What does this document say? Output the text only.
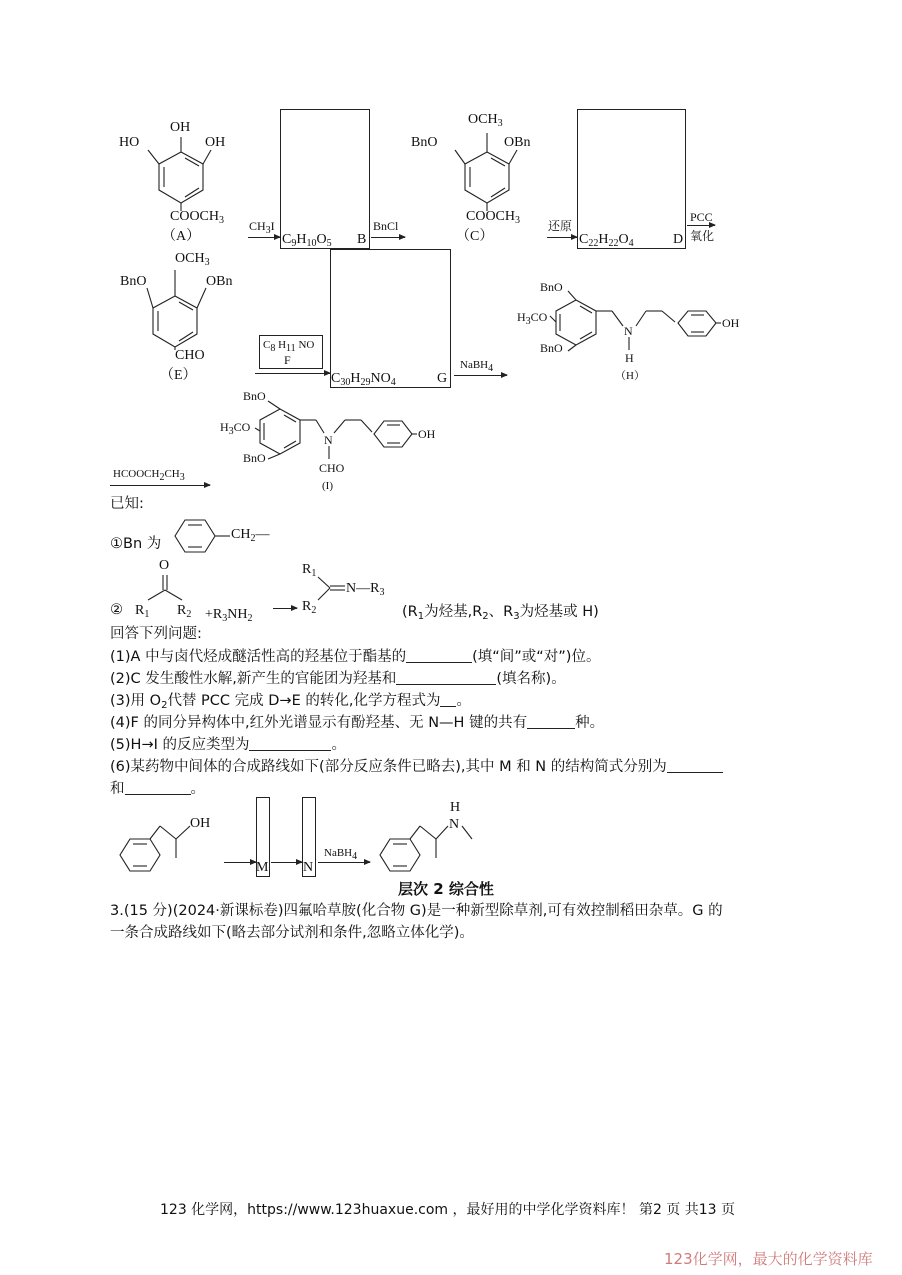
OH
HO	OH
$COOCH_3$
（A）
$CH_3I$
$C_9H_{10}O_5$ B
BnCl
$OCH_3$
BnO	OBn
$COOCH_3$
（C）
还原
$C_{22}H_{22}O_4$	D
PCC
氧化
$OCH_3$
BnO	OBn
CHO
（E）
$C_8$ $H_{11}$ NO
F
$C_{30}H_{29}NO_4$	G
NaBH$_4$
BnO
$H_3CO$
BnO
N
H
OH
（H）
BnO
$H_3CO$
BnO
N
CHO
OH
(I)
$HCOOCH_2CH_3$
已知:
①Bn 为
$CH_2—$
②
O
$R_1$ $R_2 +R_3NH_2$
$R_1$
$R_2$
$N—R_3$
($R_1$为烃基$,R_2$、$R_3$为烃基或 H)
回答下列问题:
(1)A 中与卤代烃成醚活性高的羟基位于酯基的	(填“间”或“对”)位。
(2)C 发生酸性水解,新产生的官能团为羟基和	(填名称)。
(3)用 $O_2$代替 PCC 完成 D→E 的转化,化学方程式为 。
(4)F 的同分异构体中,红外光谱显示有酚羟基、无 N—H 键的共有	种。
(5)H→I 的反应类型为	。
(6)某药物中间体的合成路线如下(部分反应条件已略去),其中 M 和 N 的结构简式分别为
和	。
OH
M N
NaBH$_4$
H
N
层次 2 综合性
3.(15 分)(2024·新课标卷)四氟哈草胺(化合物 G)是一种新型除草剂,可有效控制稻田杂草。G 的
一条合成路线如下(略去部分试剂和条件,忽略立体化学)。
123 化学网，https://www.123huaxue.com ，最好用的中学化学资料库！ 第2 页 共13 页
123化学网，最大的化学资料库
